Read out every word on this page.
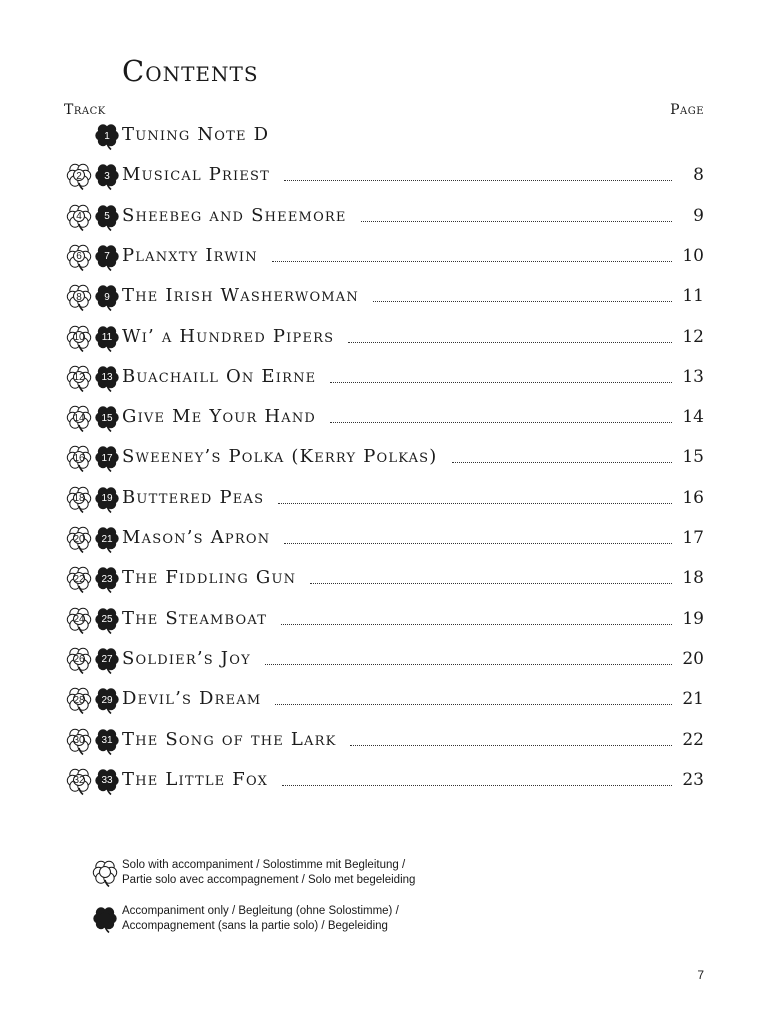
Contents
Track	Page
1 Tuning Note D
2	3 Musical Priest	8
4	5 Sheebeg and Sheemore	9
6	7 Planxty Irwin	10
8	9 The Irish Washerwoman	11
10	11 Wi’ a Hundred Pipers	12
12	13 Buachaill On Eirne	13
14	15 Give Me Your Hand	14
16	17 Sweeney’s Polka (Kerry Polkas)	15
18	19 Buttered Peas	16
20	21 Mason’s Apron	17
22	23 The Fiddling Gun	18
24	25 The Steamboat	19
26	27 Soldier’s Joy	20
28	29 Devil’s Dream	21
30	31 The Song of the Lark	22
32	33 The Little Fox	23
Solo with accompaniment / Solostimme mit Begleitung /
Partie solo avec accompagnement / Solo met begeleiding
Accompaniment only / Begleitung (ohne Solostimme) /
Accompagnement (sans la partie solo) / Begeleiding
7
